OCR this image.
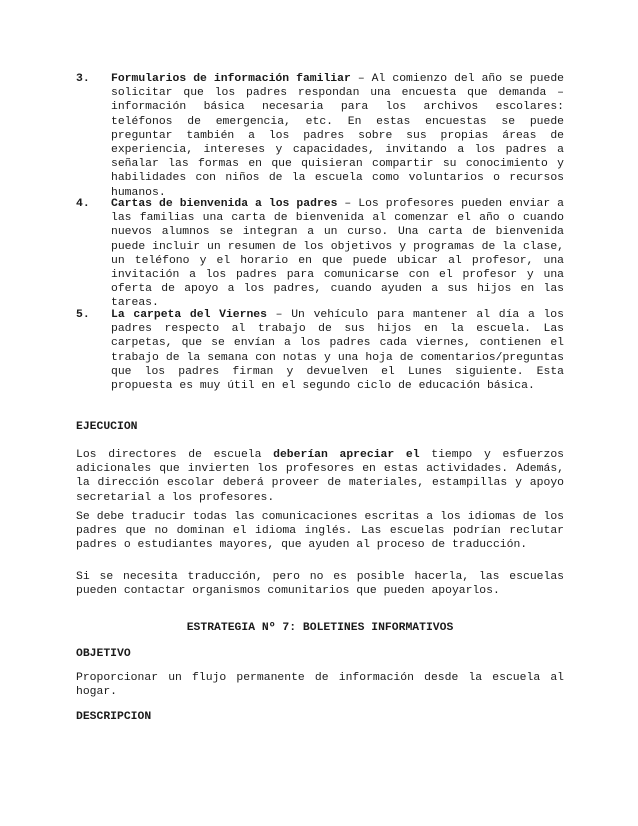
3. Formularios de información familiar – Al comienzo del año se puede solicitar que los padres respondan una encuesta que demanda –información básica necesaria para los archivos escolares: teléfonos de emergencia, etc. En estas encuestas se puede preguntar también a los padres sobre sus propias áreas de experiencia, intereses y capacidades, invitando a los padres a señalar las formas en que quisieran compartir su conocimiento y habilidades con niños de la escuela como voluntarios o recursos humanos.
4. Cartas de bienvenida a los padres – Los profesores pueden enviar a las familias una carta de bienvenida al comenzar el año o cuando nuevos alumnos se integran a un curso. Una carta de bienvenida puede incluir un resumen de los objetivos y programas de la clase, un teléfono y el horario en que puede ubicar al profesor, una invitación a los padres para comunicarse con el profesor y una oferta de apoyo a los padres, cuando ayuden a sus hijos en las tareas.
5. La carpeta del Viernes – Un vehículo para mantener al día a los padres respecto al trabajo de sus hijos en la escuela. Las carpetas, que se envían a los padres cada viernes, contienen el trabajo de la semana con notas y una hoja de comentarios/preguntas que los padres firman y devuelven el Lunes siguiente. Esta propuesta es muy útil en el segundo ciclo de educación básica.
EJECUCION
Los directores de escuela deberían apreciar el tiempo y esfuerzos adicionales que invierten los profesores en estas actividades. Además, la dirección escolar deberá proveer de materiales, estampillas y apoyo secretarial a los profesores.
Se debe traducir todas las comunicaciones escritas a los idiomas de los padres que no dominan el idioma inglés. Las escuelas podrían reclutar padres o estudiantes mayores, que ayuden al proceso de traducción.
Si se necesita traducción, pero no es posible hacerla, las escuelas pueden contactar organismos comunitarios que pueden apoyarlos.
ESTRATEGIA Nº 7: BOLETINES INFORMATIVOS
OBJETIVO
Proporcionar un flujo permanente de información desde la escuela al hogar.
DESCRIPCION
